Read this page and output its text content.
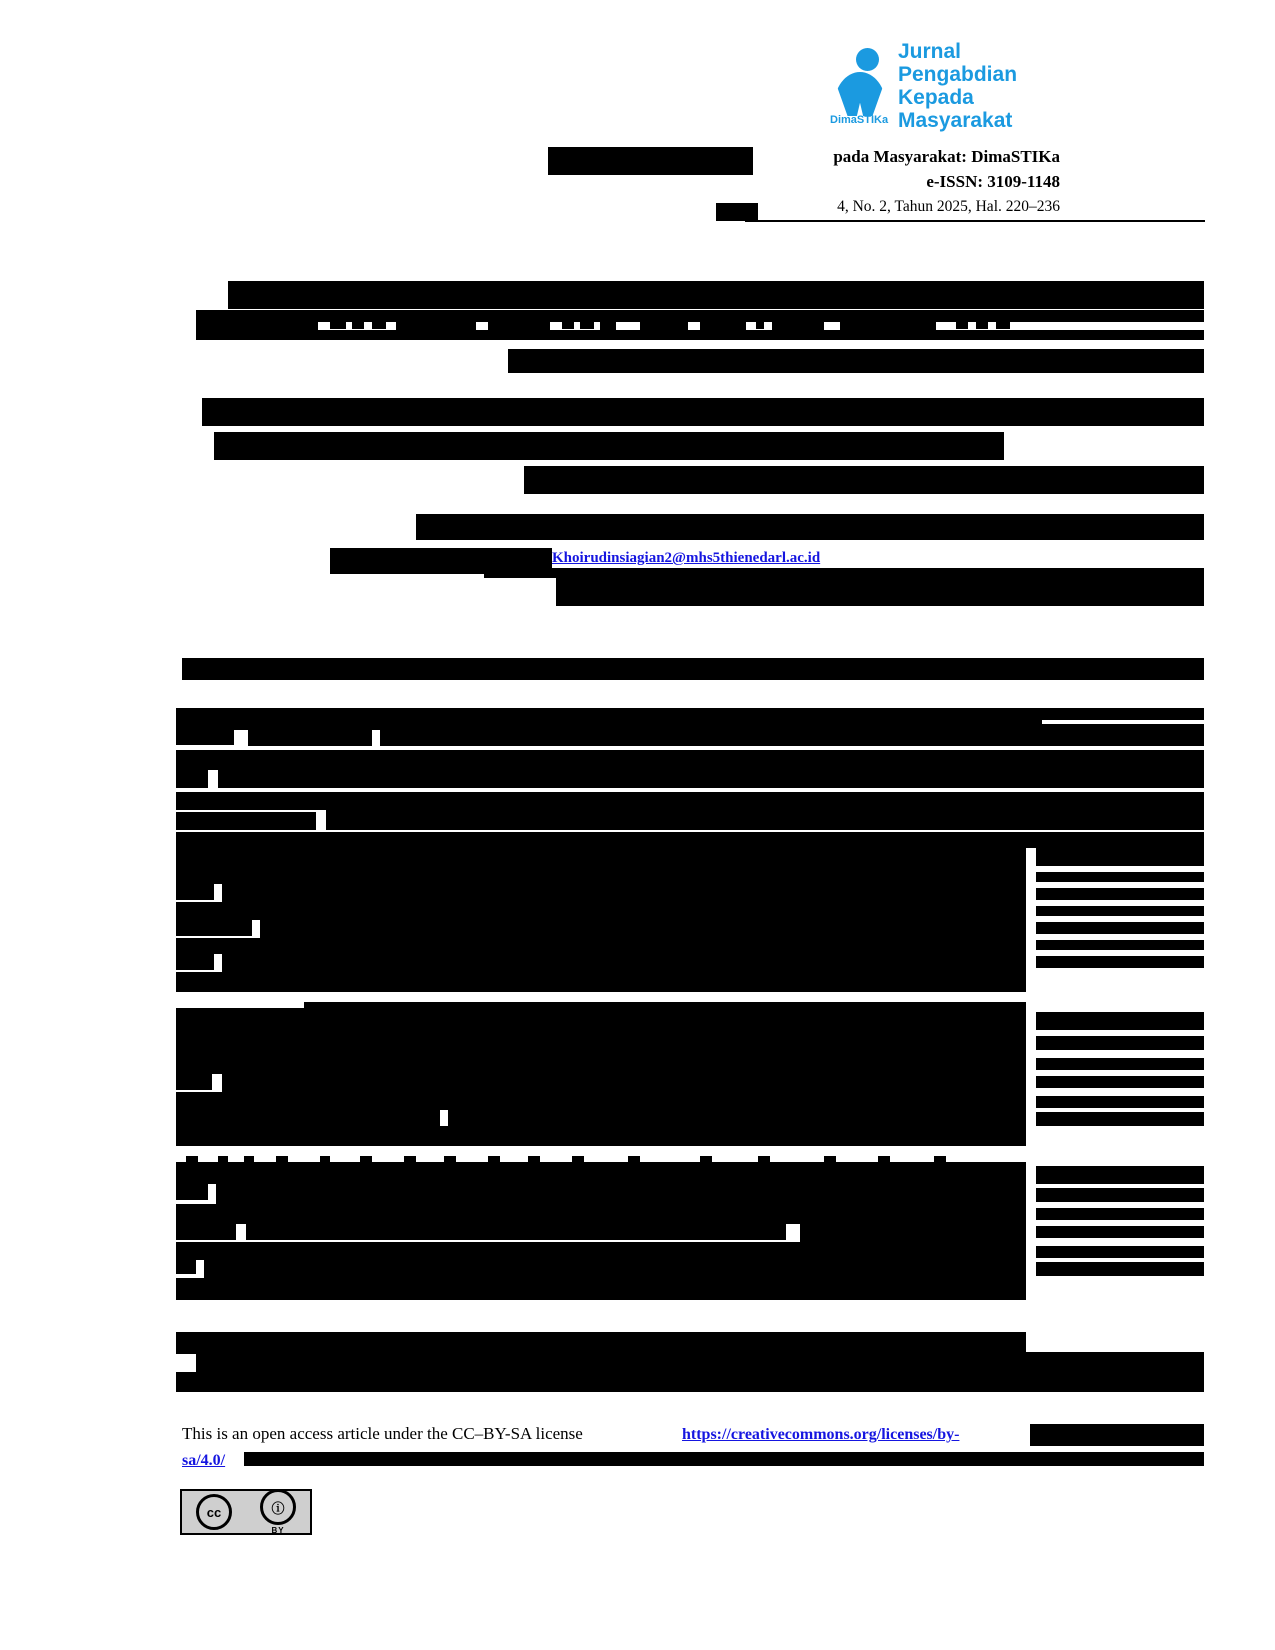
DimaSTIKa
Jurnal
Pengabdian
Kepada
Masyarakat
pada Masyarakat: DimaSTIKa
e-ISSN: 3109-1148
4, No. 2, Tahun 2025, Hal. 220–236
Khoirudinsiagian2@mhs5thienedarl.ac.id
This is an open access article under the CC–BY-SA license	https://creativecommons.org/licenses/by-
sa/4.0/
cc	ⓘ
BY
